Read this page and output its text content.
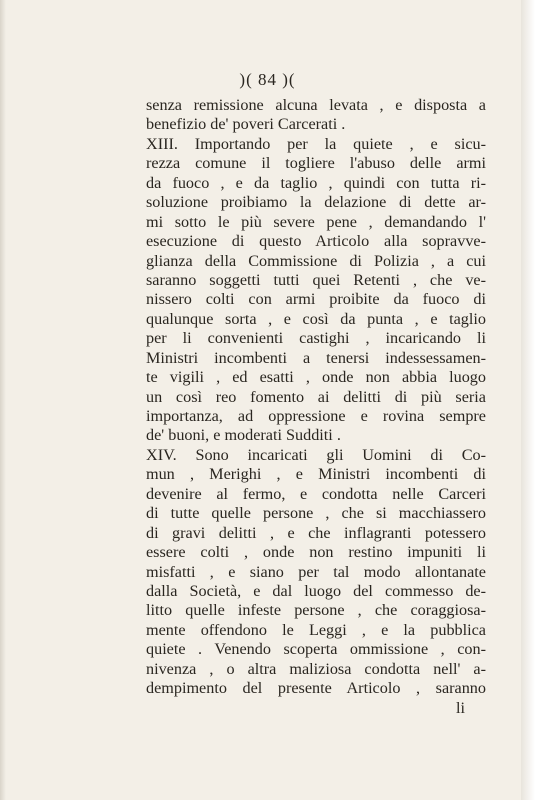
)( 84 )(
senza remissione alcuna levata , e disposta a
benefizio de' poveri Carcerati .
XIII. Importando per la quiete , e sicu-
rezza comune il togliere l'abuso delle armi
da fuoco , e da taglio , quindi con tutta ri-
soluzione proibiamo la delazione di dette ar-
mi sotto le più severe pene , demandando l'
esecuzione di questo Articolo alla sopravve-
glianza della Commissione di Polizia , a cui
saranno soggetti tutti quei Retenti , che ve-
nissero colti con armi proibite da fuoco di
qualunque sorta , e così da punta , e taglio
per li convenienti castighi , incaricando li
Ministri incombenti a tenersi indessessamen-
te vigili , ed esatti , onde non abbia luogo
un così reo fomento ai delitti di più seria
importanza, ad oppressione e rovina sempre
de' buoni, e moderati Sudditi .
XIV. Sono incaricati gli Uomini di Co-
mun , Merighi , e Ministri incombenti di
devenire al fermo, e condotta nelle Carceri
di tutte quelle persone , che si macchiassero
di gravi delitti , e che inflagranti potessero
essere colti , onde non restino impuniti li
misfatti , e siano per tal modo allontanate
dalla Società, e dal luogo del commesso de-
litto quelle infeste persone , che coraggiosa-
mente offendono le Leggi , e la pubblica
quiete . Venendo scoperta ommissione , con-
nivenza , o altra maliziosa condotta nell' a-
dempimento del presente Articolo , saranno
li
